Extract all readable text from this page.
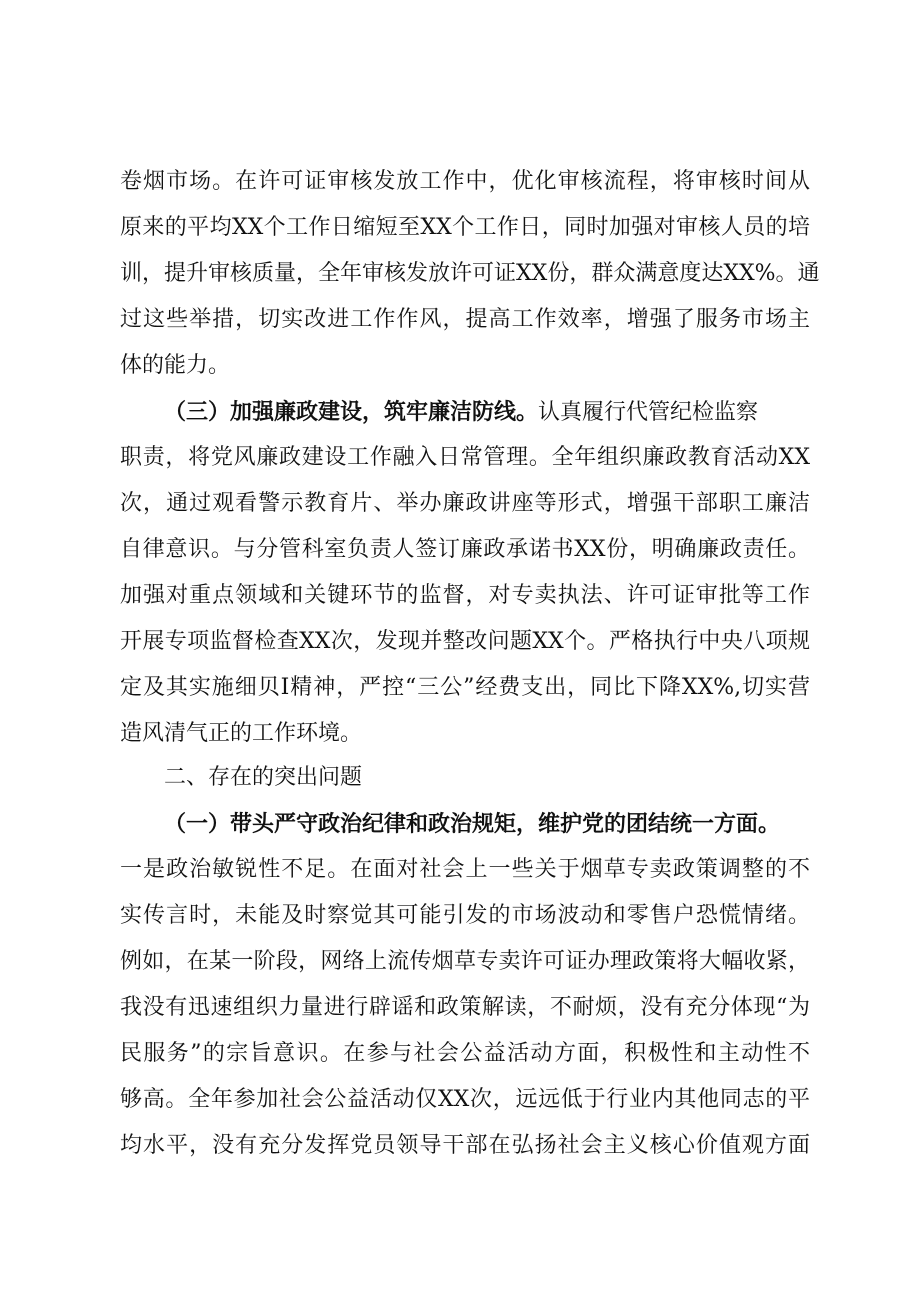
卷烟市场。在许可证审核发放工作中，优化审核流程，将审核时间从
原来的平均XX个工作日缩短至XX个工作日，同时加强对审核人员的培
训，提升审核质量，全年审核发放许可证XX份，群众满意度达XX%。通
过这些举措，切实改进工作作风，提高工作效率，增强了服务市场主
体的能力。
（三）加强廉政建设，筑牢廉洁防线。认真履行代管纪检监察
职责，将党风廉政建设工作融入日常管理。全年组织廉政教育活动XX
次，通过观看警示教育片、举办廉政讲座等形式，增强干部职工廉洁
自律意识。与分管科室负责人签订廉政承诺书XX份，明确廉政责任。
加强对重点领域和关键环节的监督，对专卖执法、许可证审批等工作
开展专项监督检查XX次，发现并整改问题XX个。严格执行中央八项规
定及其实施细贝I精神，严控“三公”经费支出，同比下降XX%,切实营
造风清气正的工作环境。
二、存在的突出问题
（一）带头严守政治纪律和政治规矩，维护党的团结统一方面。
一是政治敏锐性不足。在面对社会上一些关于烟草专卖政策调整的不
实传言时，未能及时察觉其可能引发的市场波动和零售户恐慌情绪。
例如，在某一阶段，网络上流传烟草专卖许可证办理政策将大幅收紧，
我没有迅速组织力量进行辟谣和政策解读，不耐烦，没有充分体现“为
民服务”的宗旨意识。在参与社会公益活动方面，积极性和主动性不
够高。全年参加社会公益活动仅XX次，远远低于行业内其他同志的平
均水平，没有充分发挥党员领导干部在弘扬社会主义核心价值观方面
